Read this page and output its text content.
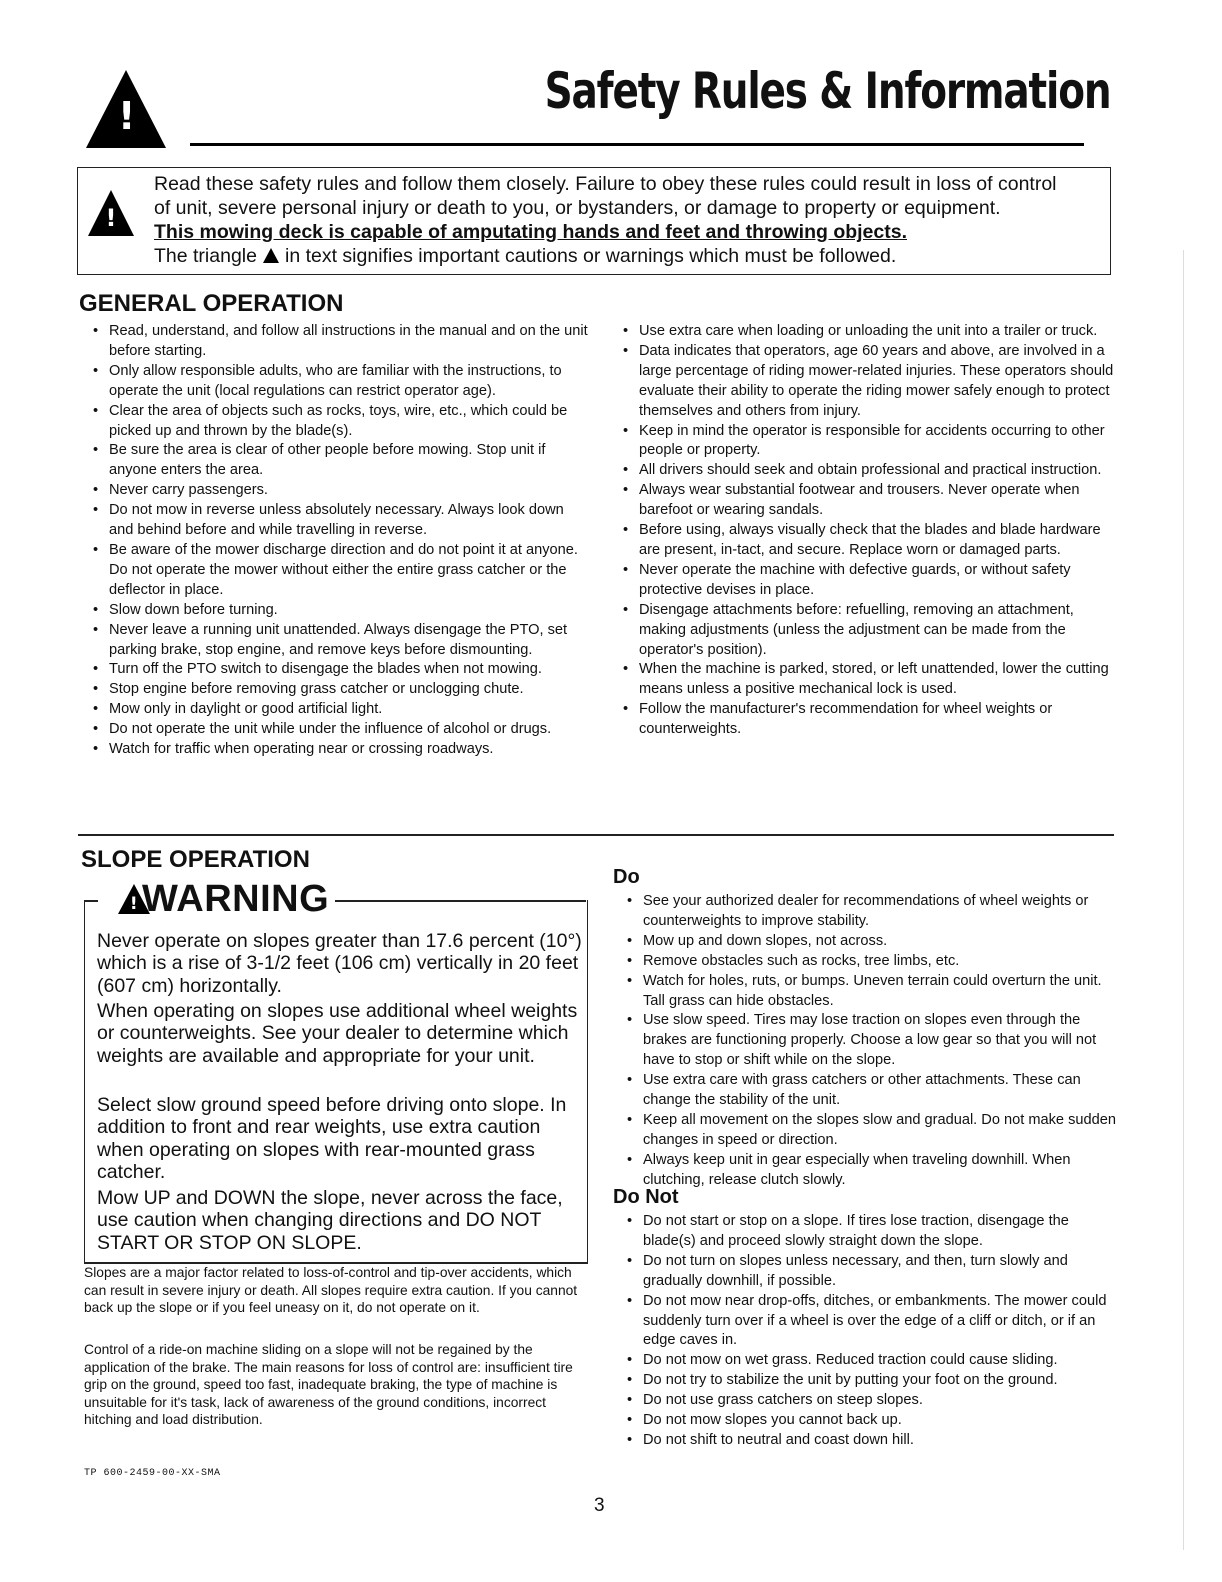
!	Safety Rules & Information
!
Read these safety rules and follow them closely. Failure to obey these rules could result in loss of control
of unit, severe personal injury or death to you, or bystanders, or damage to property or equipment.
This mowing deck is capable of amputating hands and feet and throwing objects.
The triangle in text signifies important cautions or warnings which must be followed.
GENERAL OPERATION
• Read, understand, and follow all instructions in the manual and on the unit before starting.
• Only allow responsible adults, who are familiar with the instructions, to operate the unit (local regulations can restrict operator age).
• Clear the area of objects such as rocks, toys, wire, etc., which could be picked up and thrown by the blade(s).
• Be sure the area is clear of other people before mowing. Stop unit if anyone enters the area.
• Never carry passengers.
• Do not mow in reverse unless absolutely necessary. Always look down and behind before and while travelling in reverse.
• Be aware of the mower discharge direction and do not point it at anyone. Do not operate the mower without either the entire grass catcher or the deflector in place.
• Slow down before turning.
• Never leave a running unit unattended. Always disengage the PTO, set parking brake, stop engine, and remove keys before dismounting.
• Turn off the PTO switch to disengage the blades when not mowing.
• Stop engine before removing grass catcher or unclogging chute.
• Mow only in daylight or good artificial light.
• Do not operate the unit while under the influence of alcohol or drugs.
• Watch for traffic when operating near or crossing roadways.
• Use extra care when loading or unloading the unit into a trailer or truck.
• Data indicates that operators, age 60 years and above, are involved in a large percentage of riding mower-related injuries. These operators should evaluate their ability to operate the riding mower safely enough to protect themselves and others from injury.
• Keep in mind the operator is responsible for accidents occurring to other people or property.
• All drivers should seek and obtain professional and practical instruction.
• Always wear substantial footwear and trousers. Never operate when barefoot or wearing sandals.
• Before using, always visually check that the blades and blade hardware are present, in-tact, and secure. Replace worn or damaged parts.
• Never operate the machine with defective guards, or without safety protective devises in place.
• Disengage attachments before: refuelling, removing an attachment, making adjustments (unless the adjustment can be made from the operator's position).
• When the machine is parked, stored, or left unattended, lower the cutting means unless a positive mechanical lock is used.
• Follow the manufacturer's recommendation for wheel weights or counterweights.
SLOPE OPERATION
! WARNING

Never operate on slopes greater than 17.6 percent (10°) which is a rise of 3-1/2 feet (106 cm) vertically in 20 feet (607 cm) horizontally.

When operating on slopes use additional wheel weights or counterweights. See your dealer to determine which weights are available and appropriate for your unit.

Select slow ground speed before driving onto slope. In addition to front and rear weights, use extra caution when operating on slopes with rear-mounted grass catcher.

Mow UP and DOWN the slope, never across the face, use caution when changing directions and DO NOT START OR STOP ON SLOPE.

Slopes are a major factor related to loss-of-control and tip-over accidents, which can result in severe injury or death. All slopes require extra caution. If you cannot back up the slope or if you feel uneasy on it, do not operate on it.

Control of a ride-on machine sliding on a slope will not be regained by the application of the brake. The main reasons for loss of control are: insufficient tire grip on the ground, speed too fast, inadequate braking, the type of machine is unsuitable for it's task, lack of awareness of the ground conditions, incorrect hitching and load distribution.

Do
• See your authorized dealer for recommendations of wheel weights or counterweights to improve stability.
• Mow up and down slopes, not across.
• Remove obstacles such as rocks, tree limbs, etc.
• Watch for holes, ruts, or bumps. Uneven terrain could overturn the unit. Tall grass can hide obstacles.
• Use slow speed. Tires may lose traction on slopes even through the brakes are functioning properly. Choose a low gear so that you will not have to stop or shift while on the slope.
• Use extra care with grass catchers or other attachments. These can change the stability of the unit.
• Keep all movement on the slopes slow and gradual. Do not make sudden changes in speed or direction.
• Always keep unit in gear especially when traveling downhill. When clutching, release clutch slowly.
Do Not
• Do not start or stop on a slope. If tires lose traction, disengage the blade(s) and proceed slowly straight down the slope.
• Do not turn on slopes unless necessary, and then, turn slowly and gradually downhill, if possible.
• Do not mow near drop-offs, ditches, or embankments. The mower could suddenly turn over if a wheel is over the edge of a cliff or ditch, or if an edge caves in.
• Do not mow on wet grass. Reduced traction could cause sliding.
• Do not try to stabilize the unit by putting your foot on the ground.
• Do not use grass catchers on steep slopes.
• Do not mow slopes you cannot back up.
• Do not shift to neutral and coast down hill.
TP 600-2459-00-XX-SMA
3
